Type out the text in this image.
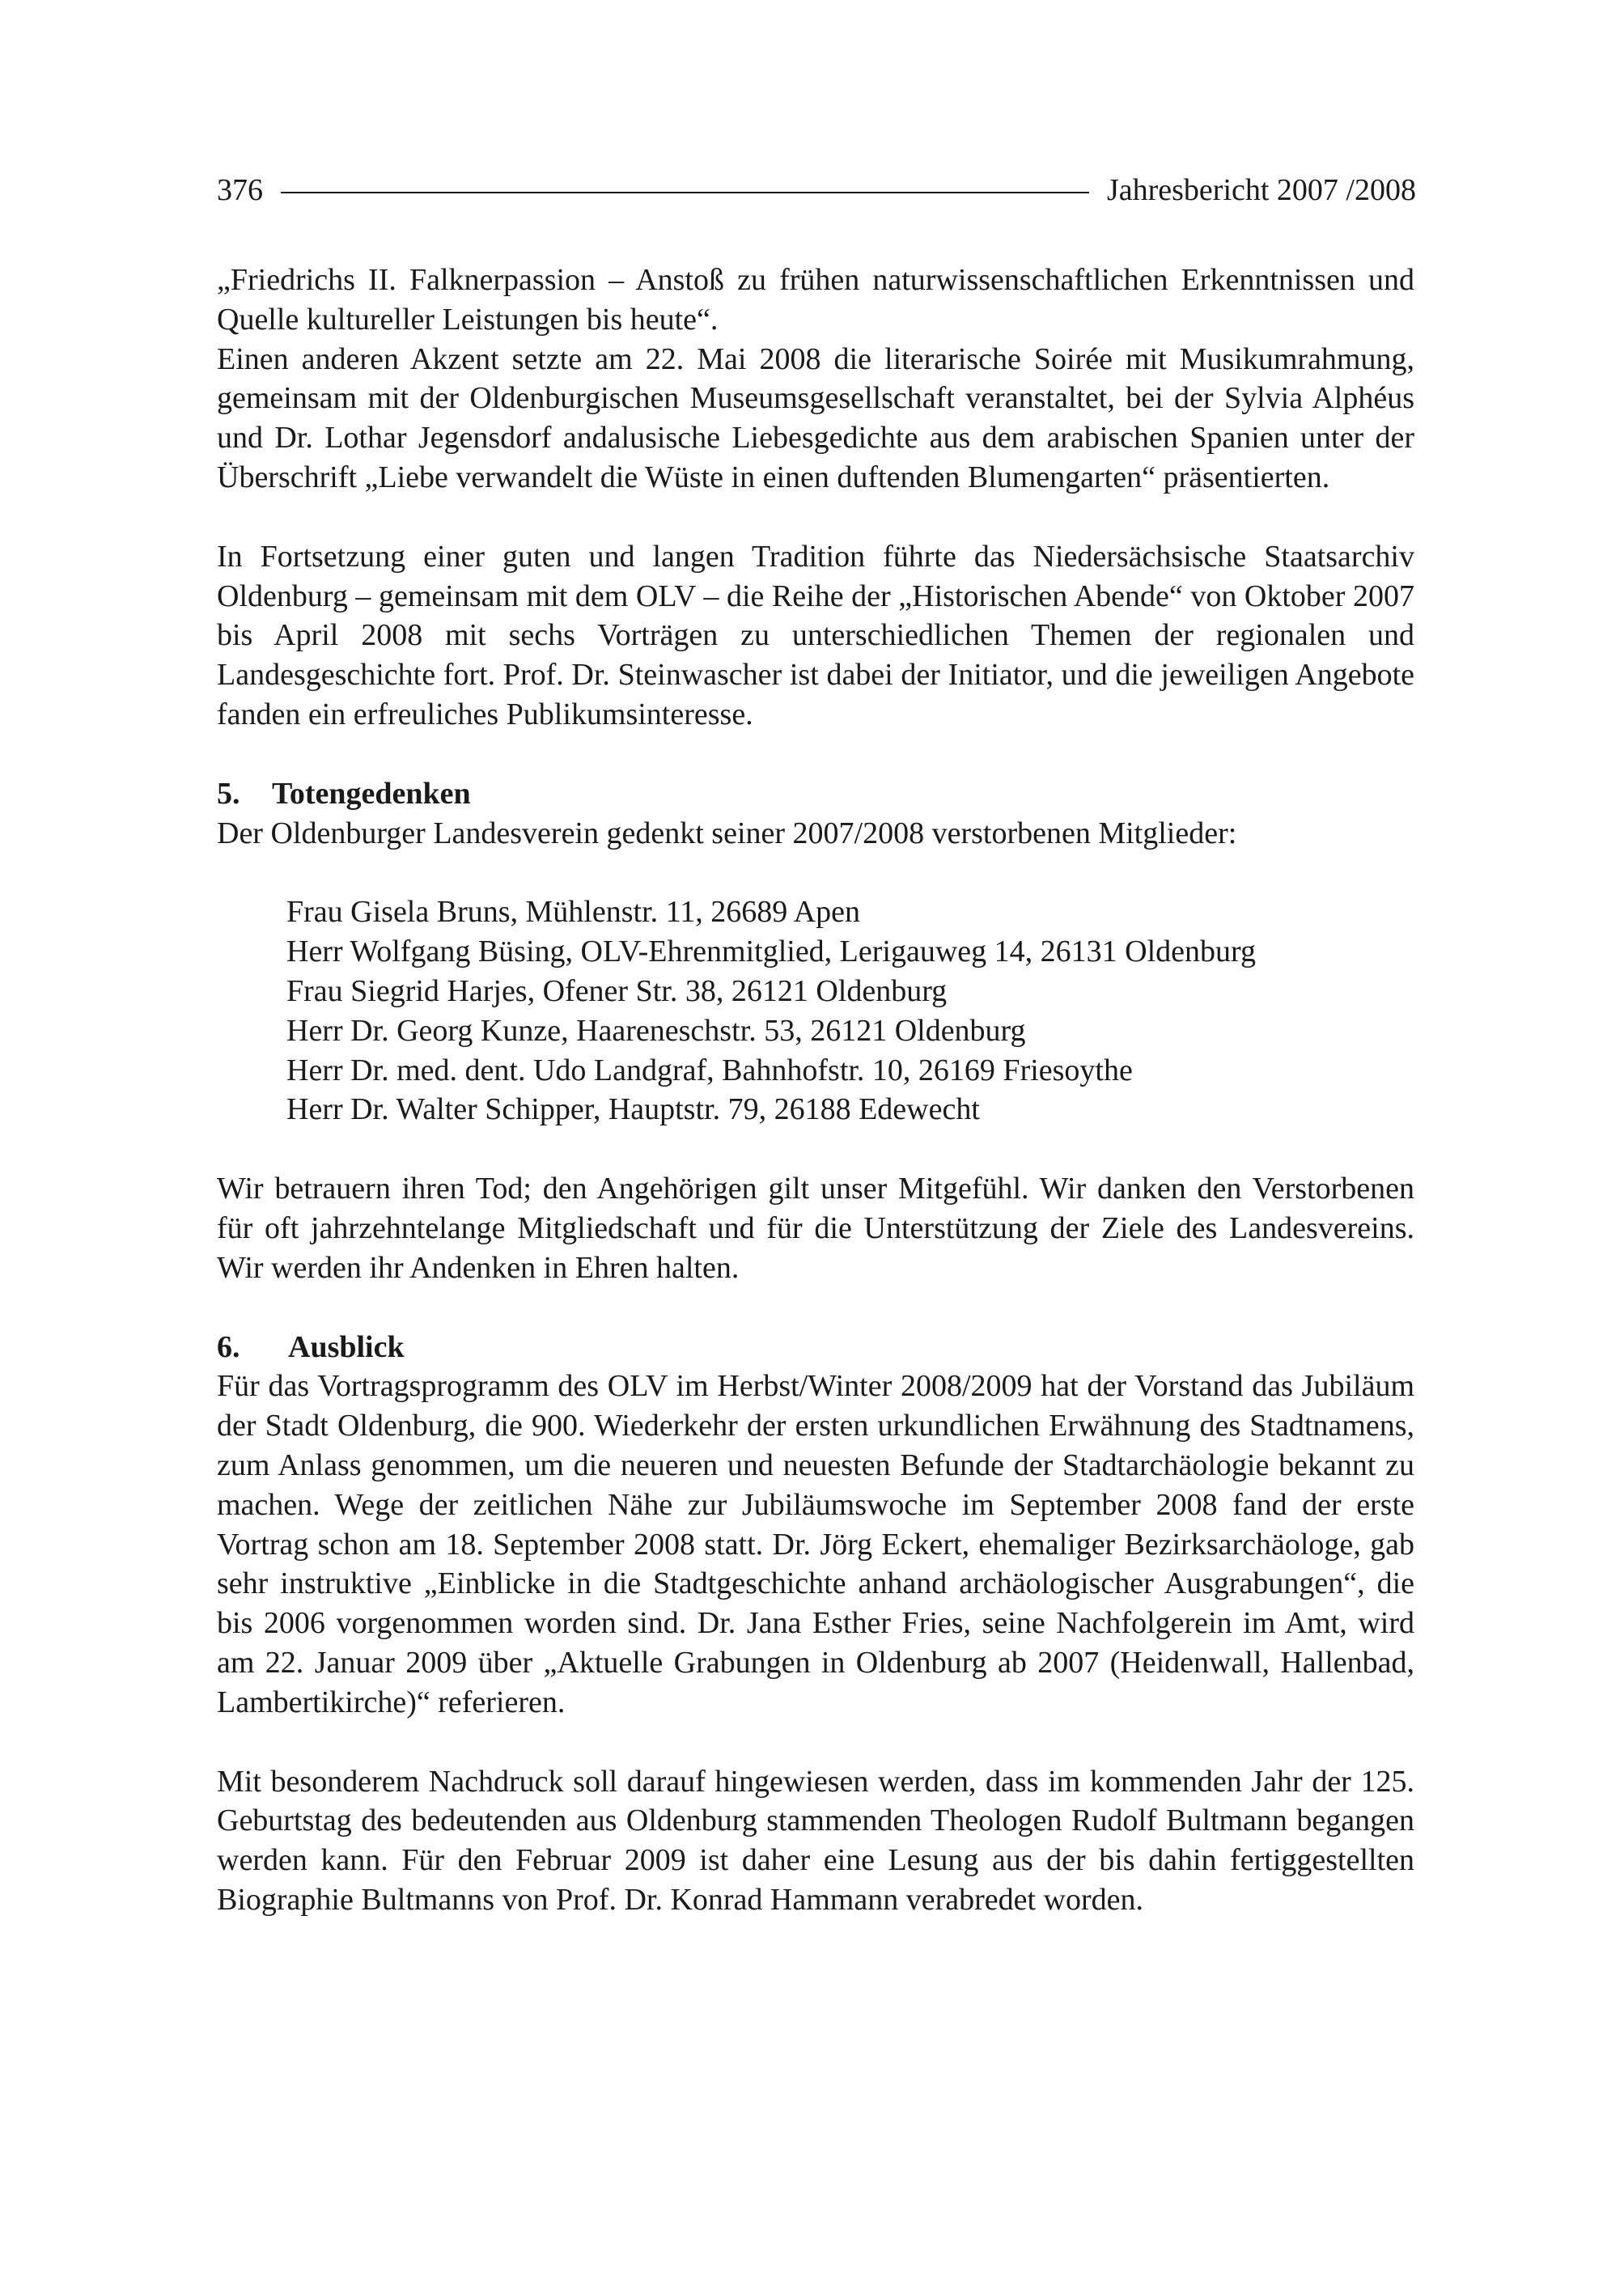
376	Jahresbericht 2007 /2008

„Friedrichs II. Falknerpassion – Anstoß zu frühen naturwissenschaftlichen Erkenntnissen und Quelle kultureller Leistungen bis heute“.

Einen anderen Akzent setzte am 22. Mai 2008 die literarische Soirée mit Musikumrahmung, gemeinsam mit der Oldenburgischen Museumsgesellschaft veranstaltet, bei der Sylvia Alphéus und Dr. Lothar Jegensdorf andalusische Liebesgedichte aus dem arabischen Spanien unter der Überschrift „Liebe verwandelt die Wüste in einen duftenden Blumengarten“ präsentierten.

In Fortsetzung einer guten und langen Tradition führte das Niedersächsische Staatsarchiv Oldenburg – gemeinsam mit dem OLV – die Reihe der „Historischen Abende“ von Oktober 2007 bis April 2008 mit sechs Vorträgen zu unterschiedlichen Themen der regionalen und Landesgeschichte fort. Prof. Dr. Steinwascher ist dabei der Initiator, und die jeweiligen Angebote fanden ein erfreuliches Publikumsinteresse.

5. Totengedenken

Der Oldenburger Landesverein gedenkt seiner 2007/2008 verstorbenen Mitglieder:

Frau Gisela Bruns, Mühlenstr. 11, 26689 Apen
Herr Wolfgang Büsing, OLV-Ehrenmitglied, Lerigauweg 14, 26131 Oldenburg
Frau Siegrid Harjes, Ofener Str. 38, 26121 Oldenburg
Herr Dr. Georg Kunze, Haareneschstr. 53, 26121 Oldenburg
Herr Dr. med. dent. Udo Landgraf, Bahnhofstr. 10, 26169 Friesoythe
Herr Dr. Walter Schipper, Hauptstr. 79, 26188 Edewecht

Wir betrauern ihren Tod; den Angehörigen gilt unser Mitgefühl. Wir danken den Verstorbenen für oft jahrzehntelange Mitgliedschaft und für die Unterstützung der Ziele des Landesvereins. Wir werden ihr Andenken in Ehren halten.

6. Ausblick

Für das Vortragsprogramm des OLV im Herbst/Winter 2008/2009 hat der Vorstand das Jubiläum der Stadt Oldenburg, die 900. Wiederkehr der ersten urkundlichen Erwähnung des Stadtnamens, zum Anlass genommen, um die neueren und neuesten Befunde der Stadtarchäologie bekannt zu machen. Wege der zeitlichen Nähe zur Jubiläumswoche im September 2008 fand der erste Vortrag schon am 18. September 2008 statt. Dr. Jörg Eckert, ehemaliger Bezirksarchäologe, gab sehr instruktive „Einblicke in die Stadtgeschichte anhand archäologischer Ausgrabungen“, die bis 2006 vorgenommen worden sind. Dr. Jana Esther Fries, seine Nachfolgerein im Amt, wird am 22. Januar 2009 über „Aktuelle Grabungen in Oldenburg ab 2007 (Heidenwall, Hallenbad, Lambertikirche)“ referieren.

Mit besonderem Nachdruck soll darauf hingewiesen werden, dass im kommenden Jahr der 125. Geburtstag des bedeutenden aus Oldenburg stammenden Theologen Rudolf Bultmann begangen werden kann. Für den Februar 2009 ist daher eine Lesung aus der bis dahin fertiggestellten Biographie Bultmanns von Prof. Dr. Konrad Hammann verabredet worden.
